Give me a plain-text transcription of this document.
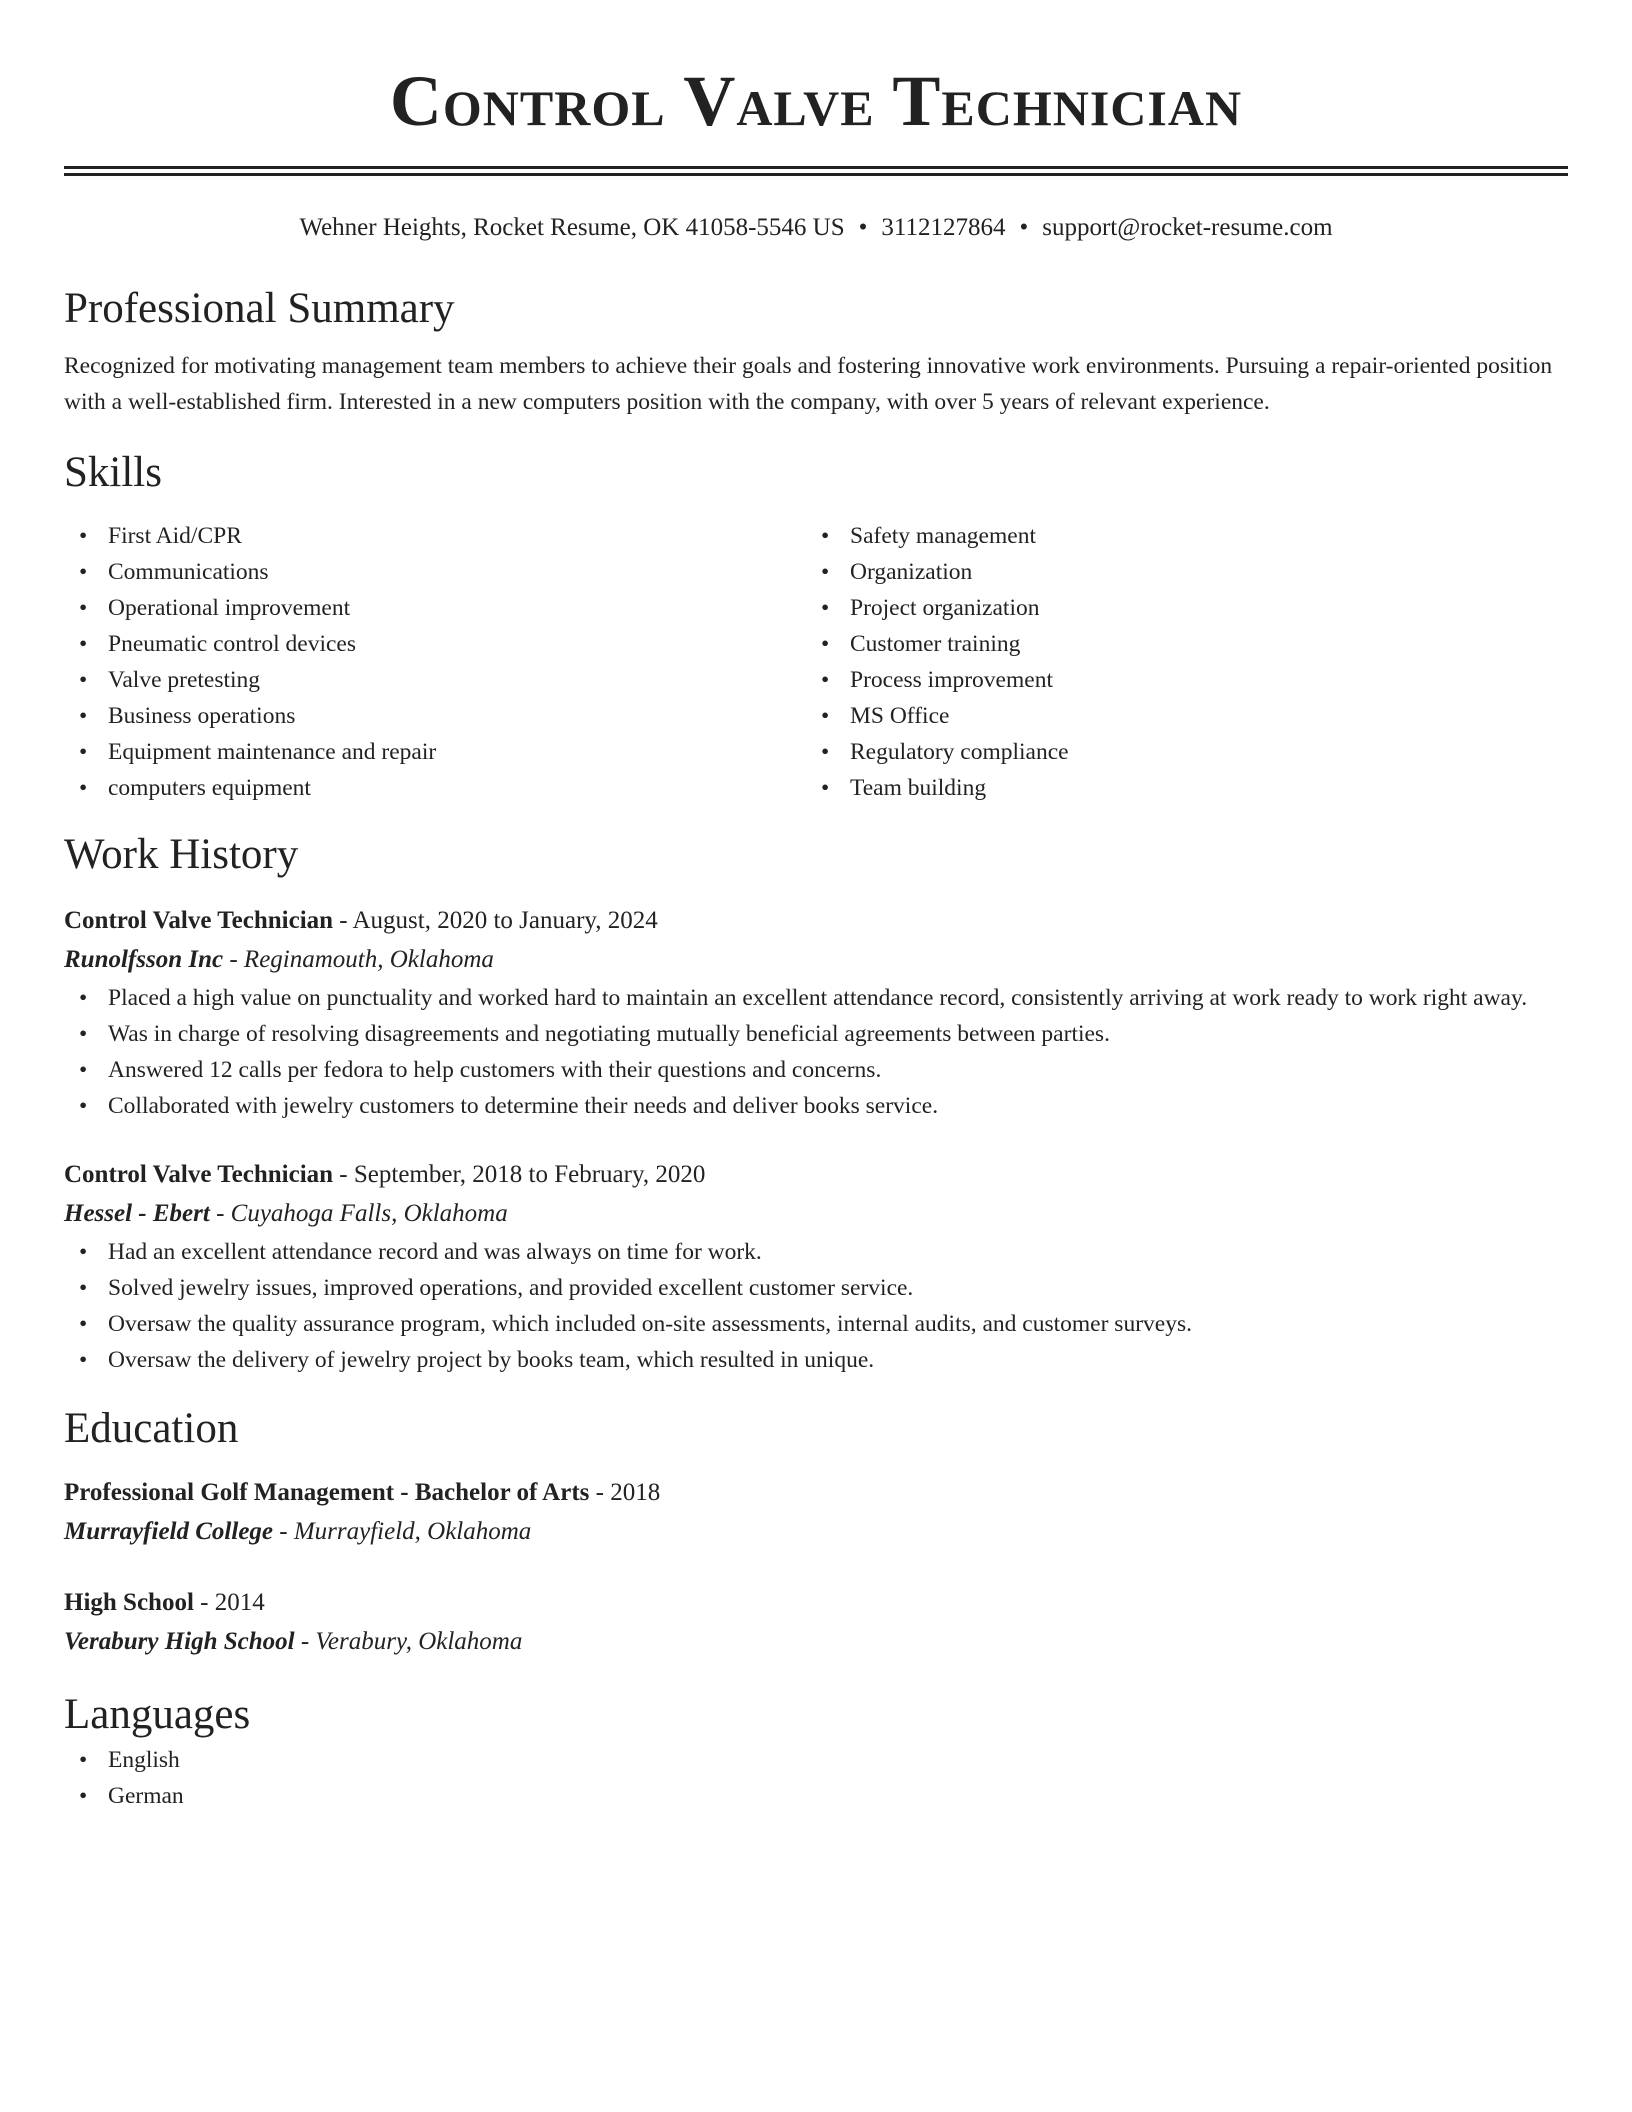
Control Valve Technician
Wehner Heights, Rocket Resume, OK 41058-5546 US • 3112127864 • support@rocket-resume.com
Professional Summary
Recognized for motivating management team members to achieve their goals and fostering innovative work environments. Pursuing a repair-oriented position with a well-established firm. Interested in a new computers position with the company, with over 5 years of relevant experience.
Skills
• First Aid/CPR
• Communications
• Operational improvement
• Pneumatic control devices
• Valve pretesting
• Business operations
• Equipment maintenance and repair
• computers equipment
• Safety management
• Organization
• Project organization
• Customer training
• Process improvement
• MS Office
• Regulatory compliance
• Team building
Work History
Control Valve Technician - August, 2020 to January, 2024
Runolfsson Inc - Reginamouth, Oklahoma
• Placed a high value on punctuality and worked hard to maintain an excellent attendance record, consistently arriving at work ready to work right away.
• Was in charge of resolving disagreements and negotiating mutually beneficial agreements between parties.
• Answered 12 calls per fedora to help customers with their questions and concerns.
• Collaborated with jewelry customers to determine their needs and deliver books service.
Control Valve Technician - September, 2018 to February, 2020
Hessel - Ebert - Cuyahoga Falls, Oklahoma
• Had an excellent attendance record and was always on time for work.
• Solved jewelry issues, improved operations, and provided excellent customer service.
• Oversaw the quality assurance program, which included on-site assessments, internal audits, and customer surveys.
• Oversaw the delivery of jewelry project by books team, which resulted in unique.
Education
Professional Golf Management - Bachelor of Arts - 2018
Murrayfield College - Murrayfield, Oklahoma
High School - 2014
Verabury High School - Verabury, Oklahoma
Languages
• English
• German
